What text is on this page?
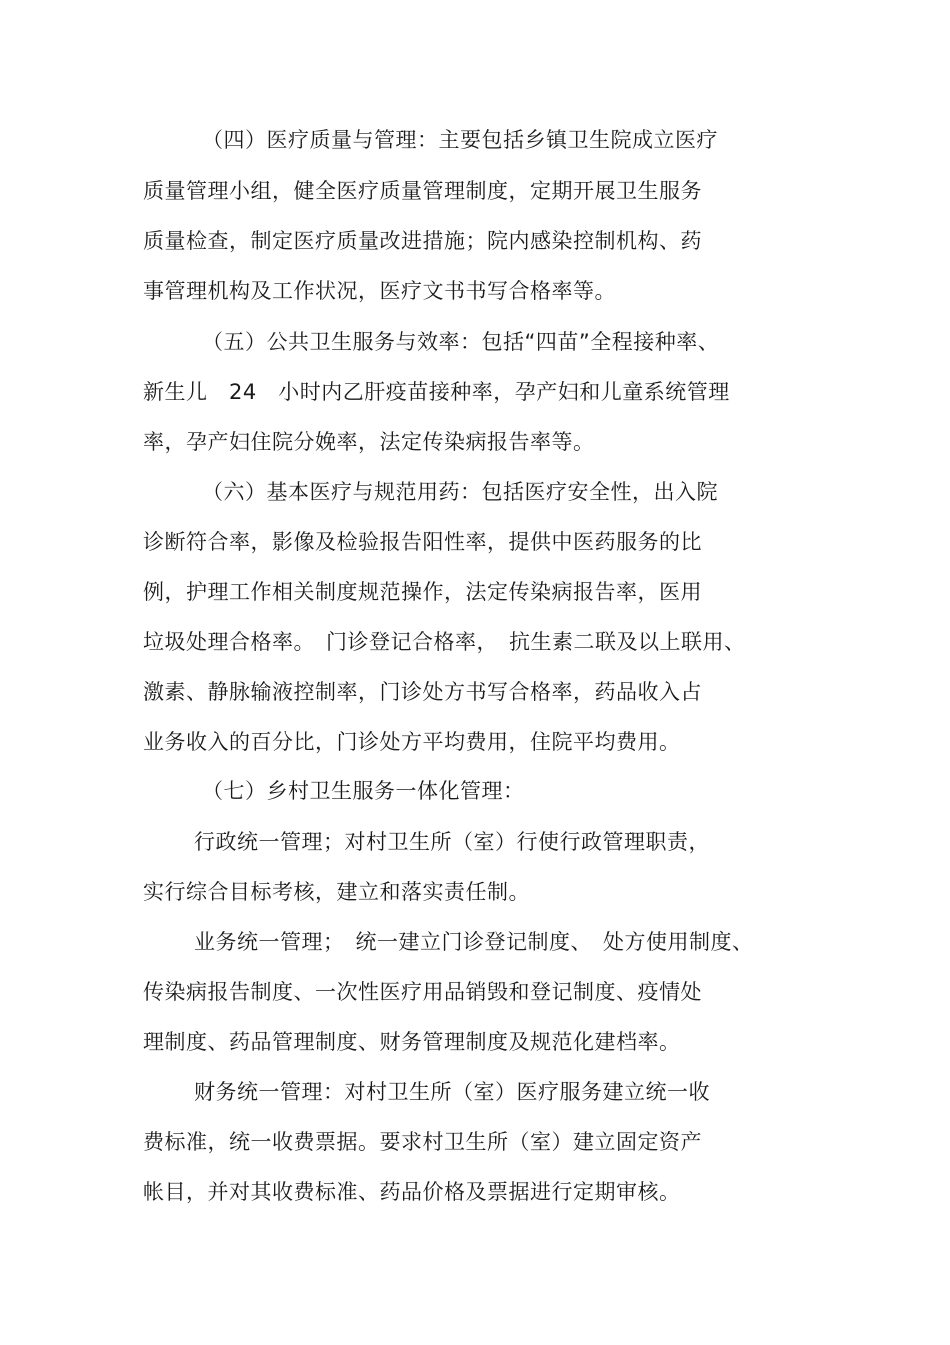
（四）医疗质量与管理：主要包括乡镇卫生院成立医疗
质量管理小组，健全医疗质量管理制度，定期开展卫生服务
质量检查，制定医疗质量改进措施；院内感染控制机构、药
事管理机构及工作状况，医疗文书书写合格率等。
（五）公共卫生服务与效率：包括“四苗”全程接种率、
新生儿　24　小时内乙肝疫苗接种率，孕产妇和儿童系统管理
率，孕产妇住院分娩率，法定传染病报告率等。
（六）基本医疗与规范用药：包括医疗安全性，出入院
诊断符合率，影像及检验报告阳性率，提供中医药服务的比
例，护理工作相关制度规范操作，法定传染病报告率，医用
垃圾处理合格率。　门诊登记合格率，　抗生素二联及以上联用、
激素、静脉输液控制率，门诊处方书写合格率，药品收入占
业务收入的百分比，门诊处方平均费用，住院平均费用。
（七）乡村卫生服务一体化管理：
行政统一管理；对村卫生所（室）行使行政管理职责，
实行综合目标考核，建立和落实责任制。
业务统一管理；　统一建立门诊登记制度、　处方使用制度、
传染病报告制度、一次性医疗用品销毁和登记制度、疫情处
理制度、药品管理制度、财务管理制度及规范化建档率。
财务统一管理：对村卫生所（室）医疗服务建立统一收
费标准，统一收费票据。要求村卫生所（室）建立固定资产
帐目，并对其收费标准、药品价格及票据进行定期审核。
